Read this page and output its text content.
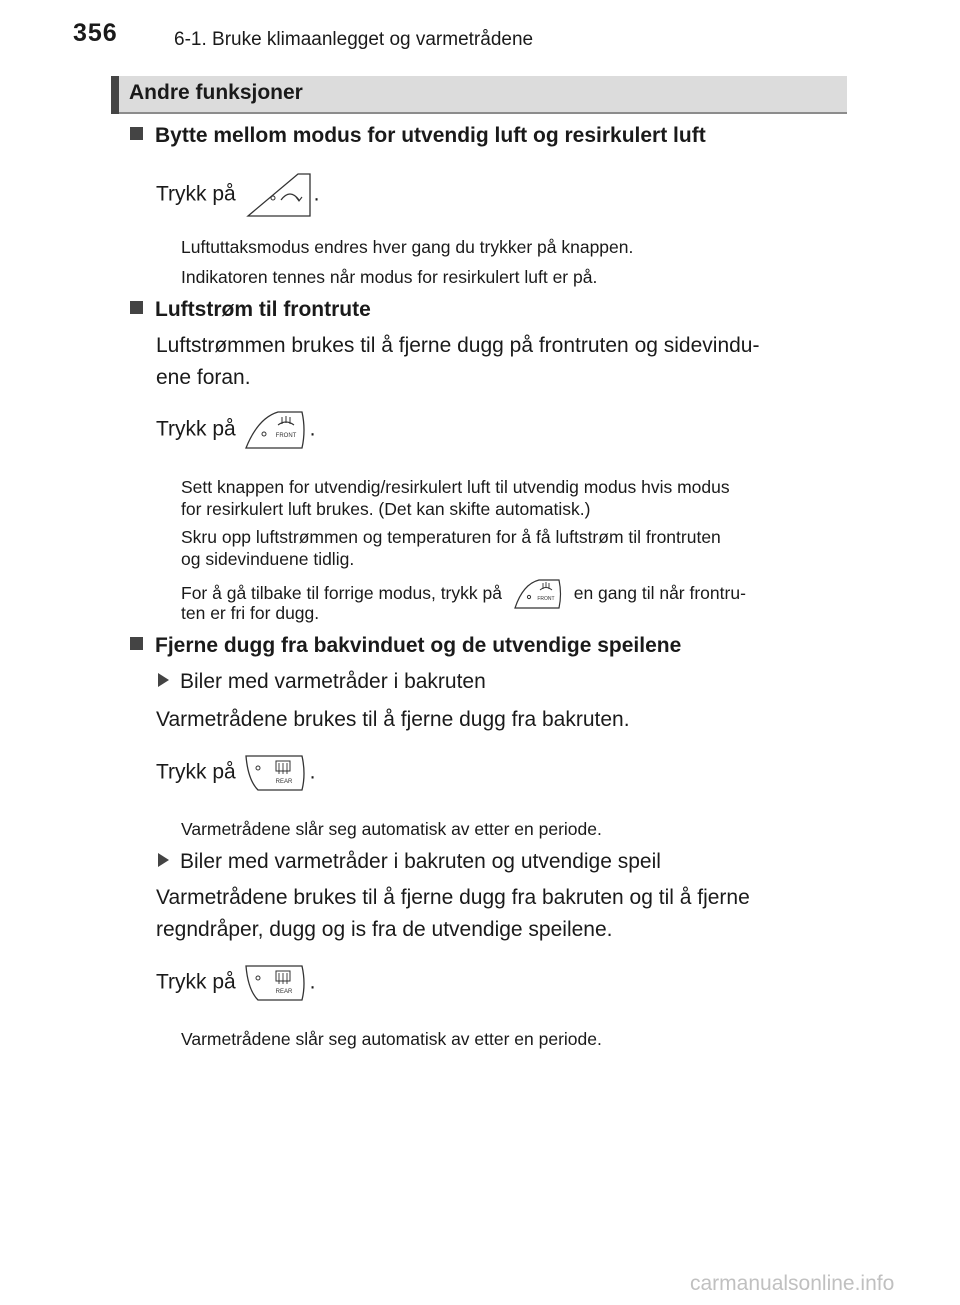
356	6-1. Bruke klimaanlegget og varmetrådene
Andre funksjoner
Bytte mellom modus for utvendig luft og resirkulert luft
Trykk på	.
Luftuttaksmodus endres hver gang du trykker på knappen.
Indikatoren tennes når modus for resirkulert luft er på.
Luftstrøm til frontrute
Luftstrømmen brukes til å fjerne dugg på frontruten og sidevindu-
ene foran.
Trykk på	FRONT .
Sett knappen for utvendig/resirkulert luft til utvendig modus hvis modus
for resirkulert luft brukes. (Det kan skifte automatisk.)
Skru opp luftstrømmen og temperaturen for å få luftstrøm til frontruten
og sidevinduene tidlig.
For å gå tilbake til forrige modus, trykk på	FRONT en gang til når frontru-
ten er fri for dugg.
Fjerne dugg fra bakvinduet og de utvendige speilene
Biler med varmetråder i bakruten
Varmetrådene brukes til å fjerne dugg fra bakruten.
Trykk på	REAR .
Varmetrådene slår seg automatisk av etter en periode.
Biler med varmetråder i bakruten og utvendige speil
Varmetrådene brukes til å fjerne dugg fra bakruten og til å fjerne
regndråper, dugg og is fra de utvendige speilene.
Trykk på	REAR .
Varmetrådene slår seg automatisk av etter en periode.
carmanualsonline.info
